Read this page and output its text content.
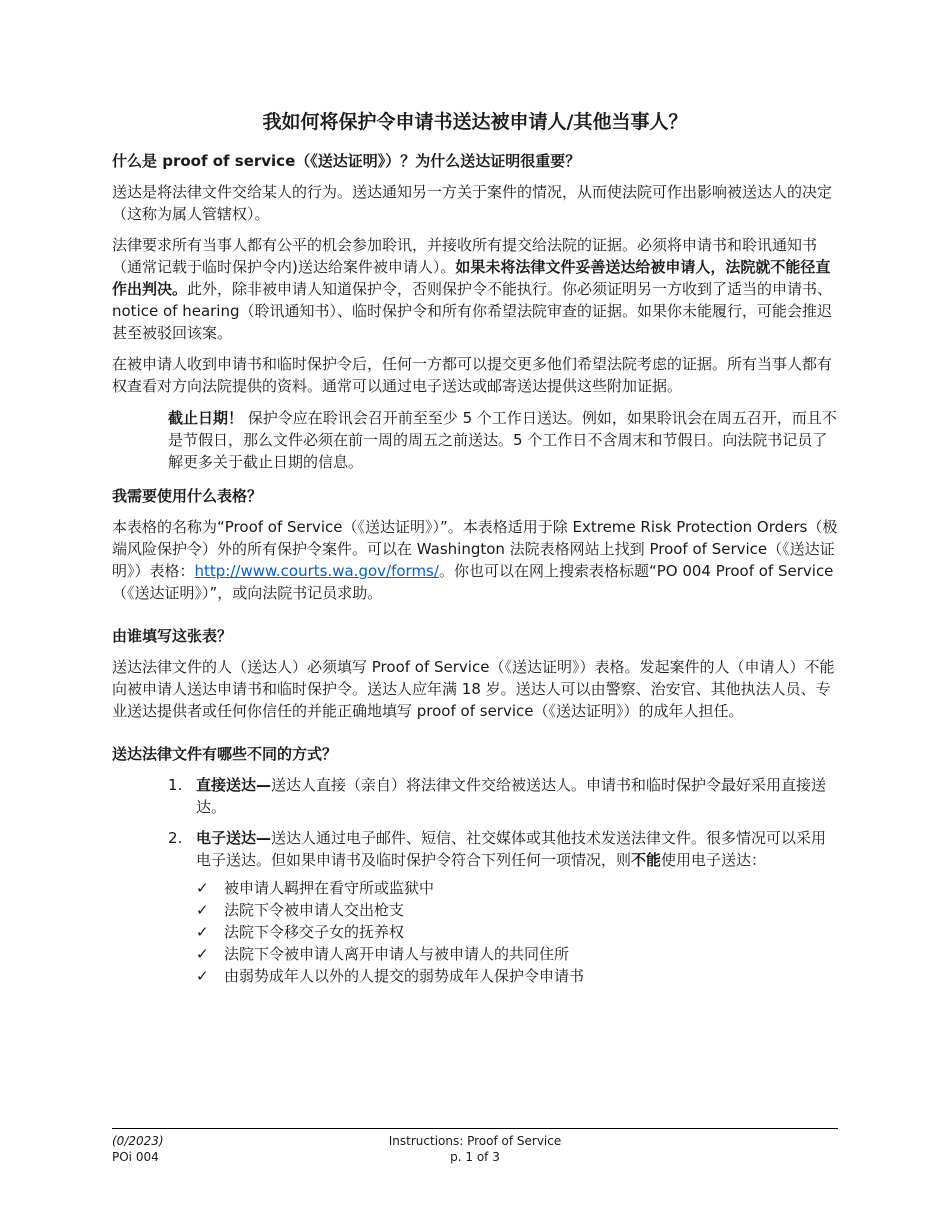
我如何将保护令申请书送达被申请人/其他当事人？
什么是 proof of service（《送达证明》）？为什么送达证明很重要？

送达是将法律文件交给某人的行为。送达通知另一方关于案件的情况，从而使法院可作出影响被送达人的决定（这称为属人管辖权）。

法律要求所有当事人都有公平的机会参加聆讯，并接收所有提交给法院的证据。必须将申请书和聆讯通知书（通常记载于临时保护令内)送达给案件被申请人）。如果未将法律文件妥善送达给被申请人，法院就不能径直作出判决。此外，除非被申请人知道保护令，否则保护令不能执行。你必须证明另一方收到了适当的申请书、notice of hearing（聆讯通知书）、临时保护令和所有你希望法院审查的证据。如果你未能履行，可能会推迟甚至被驳回该案。

在被申请人收到申请书和临时保护令后，任何一方都可以提交更多他们希望法院考虑的证据。所有当事人都有权查看对方向法院提供的资料。通常可以通过电子送达或邮寄送达提供这些附加证据。

截止日期！ 保护令应在聆讯会召开前至至少 5 个工作日送达。例如，如果聆讯会在周五召开，而且不是节假日，那么文件必须在前一周的周五之前送达。5 个工作日不含周末和节假日。向法院书记员了解更多关于截止日期的信息。

我需要使用什么表格？

本表格的名称为“Proof of Service（《送达证明》）”。本表格适用于除 Extreme Risk Protection Orders（极端风险保护令）外的所有保护令案件。可以在 Washington 法院表格网站上找到 Proof of Service（《送达证明》）表格：http://www.courts.wa.gov/forms/。你也可以在网上搜索表格标题“PO 004 Proof of Service（《送达证明》）”，或向法院书记员求助。

由谁填写这张表？

送达法律文件的人（送达人）必须填写 Proof of Service（《送达证明》）表格。发起案件的人（申请人）不能向被申请人送达申请书和临时保护令。送达人应年满 18 岁。送达人可以由警察、治安官、其他执法人员、专业送达提供者或任何你信任的并能正确地填写 proof of service（《送达证明》）的成年人担任。

送达法律文件有哪些不同的方式？
1. 直接送达—送达人直接（亲自）将法律文件交给被送达人。申请书和临时保护令最好采用直接送达。
2. 电子送达—送达人通过电子邮件、短信、社交媒体或其他技术发送法律文件。很多情况可以采用电子送达。但如果申请书及临时保护令符合下列任何一项情况，则不能使用电子送达：
✓ 被申请人羁押在看守所或监狱中
✓ 法院下令被申请人交出枪支
✓ 法院下令移交子女的抚养权
✓ 法院下令被申请人离开申请人与被申请人的共同住所
✓ 由弱势成年人以外的人提交的弱势成年人保护令申请书
(0/2023)
POi 004
Instructions: Proof of Service
p. 1 of 3
